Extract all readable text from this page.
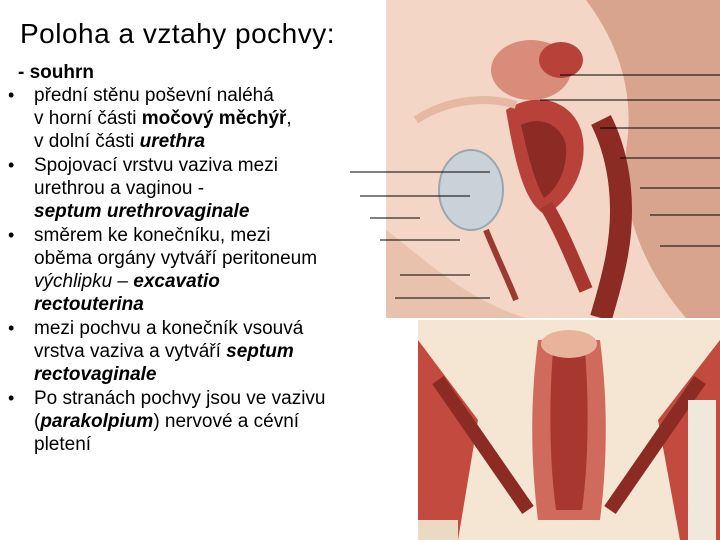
Poloha a vztahy pochvy:
- souhrn
• přední stěnu poševní naléhá
v horní části močový měchýř,
v dolní části urethra
• Spojovací vrstvu vaziva mezi
urethrou a vaginou -
septum urethrovaginale
• směrem ke konečníku, mezi
oběma orgány vytváří peritoneum
výchlipku – excavatio
rectouterina
• mezi pochvu a konečník vsouvá
vrstva vaziva a vytváří septum
rectovaginale
• Po stranách pochvy jsou ve vazivu
(parakolpium) nervové a cévní
pletení
